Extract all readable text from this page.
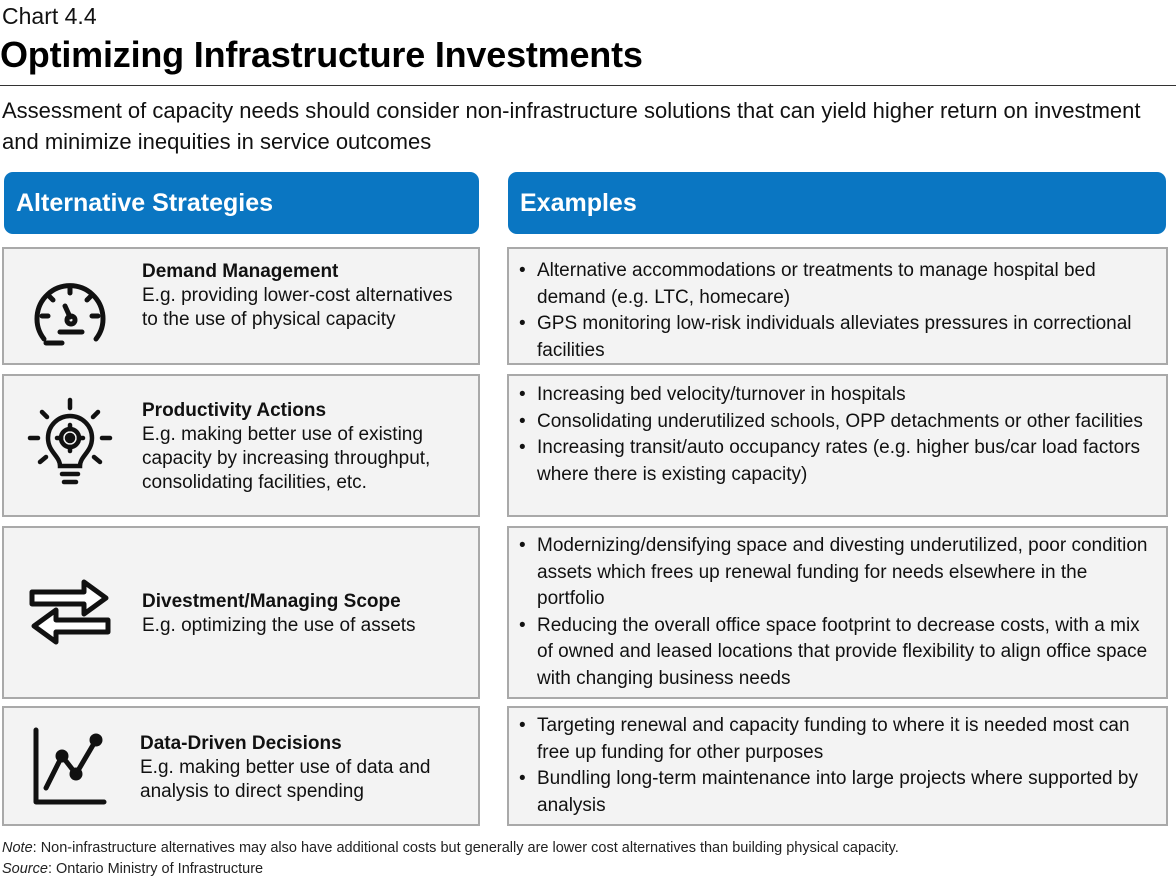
Chart 4.4
Optimizing Infrastructure Investments
Assessment of capacity needs should consider non-infrastructure solutions that can yield higher return on investment and minimize inequities in service outcomes
Alternative Strategies	Examples
Demand Management
E.g. providing lower-cost alternatives to the use of physical capacity
• Alternative accommodations or treatments to manage hospital bed demand (e.g. LTC, homecare)
• GPS monitoring low-risk individuals alleviates pressures in correctional facilities
Productivity Actions
E.g. making better use of existing capacity by increasing throughput, consolidating facilities, etc.
• Increasing bed velocity/turnover in hospitals
• Consolidating underutilized schools, OPP detachments or other facilities
• Increasing transit/auto occupancy rates (e.g. higher bus/car load factors where there is existing capacity)
Divestment/Managing Scope
E.g. optimizing the use of assets
• Modernizing/densifying space and divesting underutilized, poor condition assets which frees up renewal funding for needs elsewhere in the portfolio
• Reducing the overall office space footprint to decrease costs, with a mix of owned and leased locations that provide flexibility to align office space with changing business needs
Data-Driven Decisions
E.g. making better use of data and analysis to direct spending
• Targeting renewal and capacity funding to where it is needed most can free up funding for other purposes
• Bundling long-term maintenance into large projects where supported by analysis
Note: Non-infrastructure alternatives may also have additional costs but generally are lower cost alternatives than building physical capacity.
Source: Ontario Ministry of Infrastructure
